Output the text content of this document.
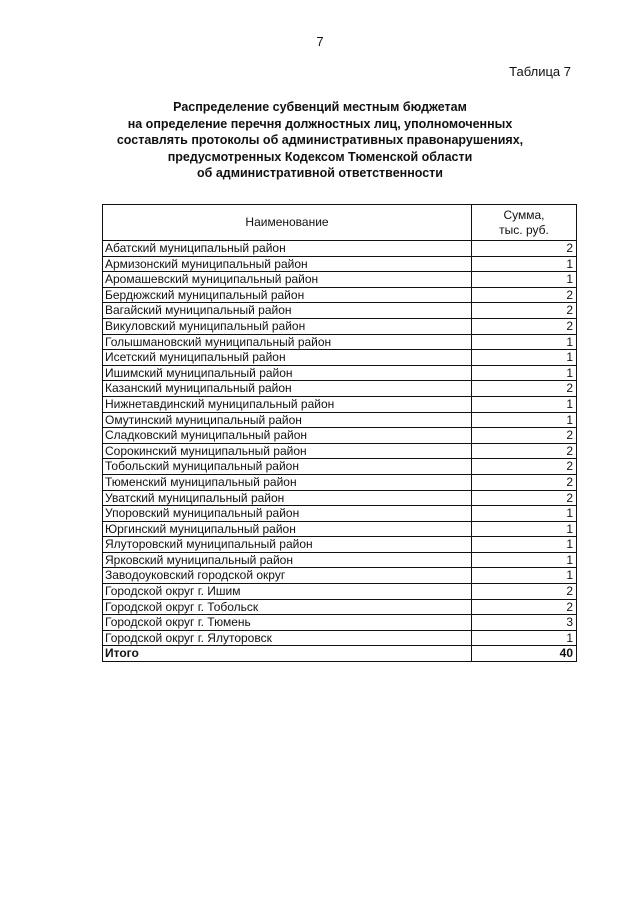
7
Таблица 7
Распределение субвенций местным бюджетам
на определение перечня должностных лиц, уполномоченных
составлять протоколы об административных правонарушениях,
предусмотренных Кодексом Тюменской области
об административной ответственности
Наименование	Сумма,
тыс. руб.
Абатский муниципальный район	2
Армизонский муниципальный район	1
Аромашевский муниципальный район	1
Бердюжский муниципальный район	2
Вагайский муниципальный район	2
Викуловский муниципальный район	2
Голышмановский муниципальный район	1
Исетский муниципальный район	1
Ишимский муниципальный район	1
Казанский муниципальный район	2
Нижнетавдинский муниципальный район	1
Омутинский муниципальный район	1
Сладковский муниципальный район	2
Сорокинский муниципальный район	2
Тобольский муниципальный район	2
Тюменский муниципальный район	2
Уватский муниципальный район	2
Упоровский муниципальный район	1
Юргинский муниципальный район	1
Ялуторовский муниципальный район	1
Ярковский муниципальный район	1
Заводоуковский городской округ	1
Городской округ г. Ишим	2
Городской округ г. Тобольск	2
Городской округ г. Тюмень	3
Городской округ г. Ялуторовск	1
Итого	40
